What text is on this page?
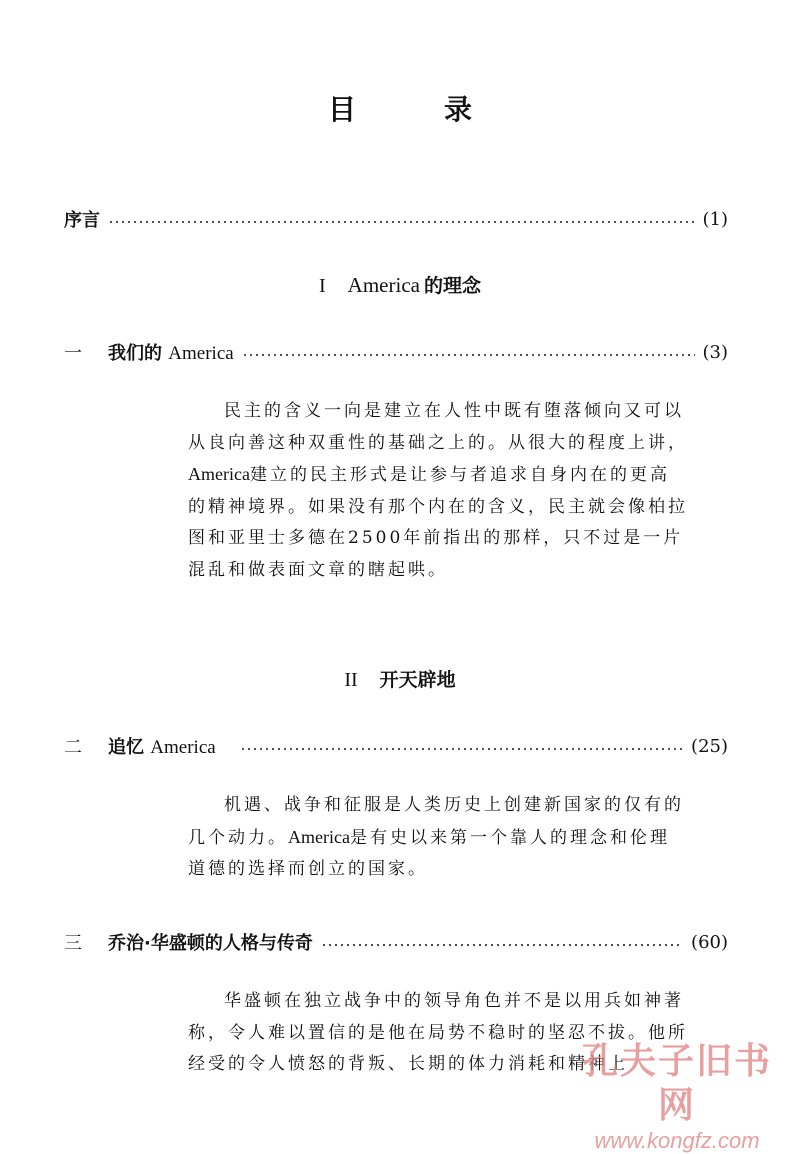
目　录
序言	(1)
I America 的理念
一	我们的 America	(3)

民主的含义一向是建立在人性中既有堕落倾向又可以从良向善这种双重性的基础之上的。从很大的程度上讲，America建立的民主形式是让参与者追求自身内在的更高的精神境界。如果没有那个内在的含义，民主就会像柏拉图和亚里士多德在2500年前指出的那样，只不过是一片混乱和做表面文章的瞎起哄。

II 开天辟地
二	追忆 America	(25)

机遇、战争和征服是人类历史上创建新国家的仅有的几个动力。America是有史以来第一个靠人的理念和伦理道德的选择而创立的国家。

三	乔治·华盛顿的人格与传奇	(60)

华盛顿在独立战争中的领导角色并不是以用兵如神著称，令人难以置信的是他在局势不稳时的坚忍不拔。他所经受的令人愤怒的背叛、长期的体力消耗和精神上

孔夫子旧书网
www.kongfz.com
